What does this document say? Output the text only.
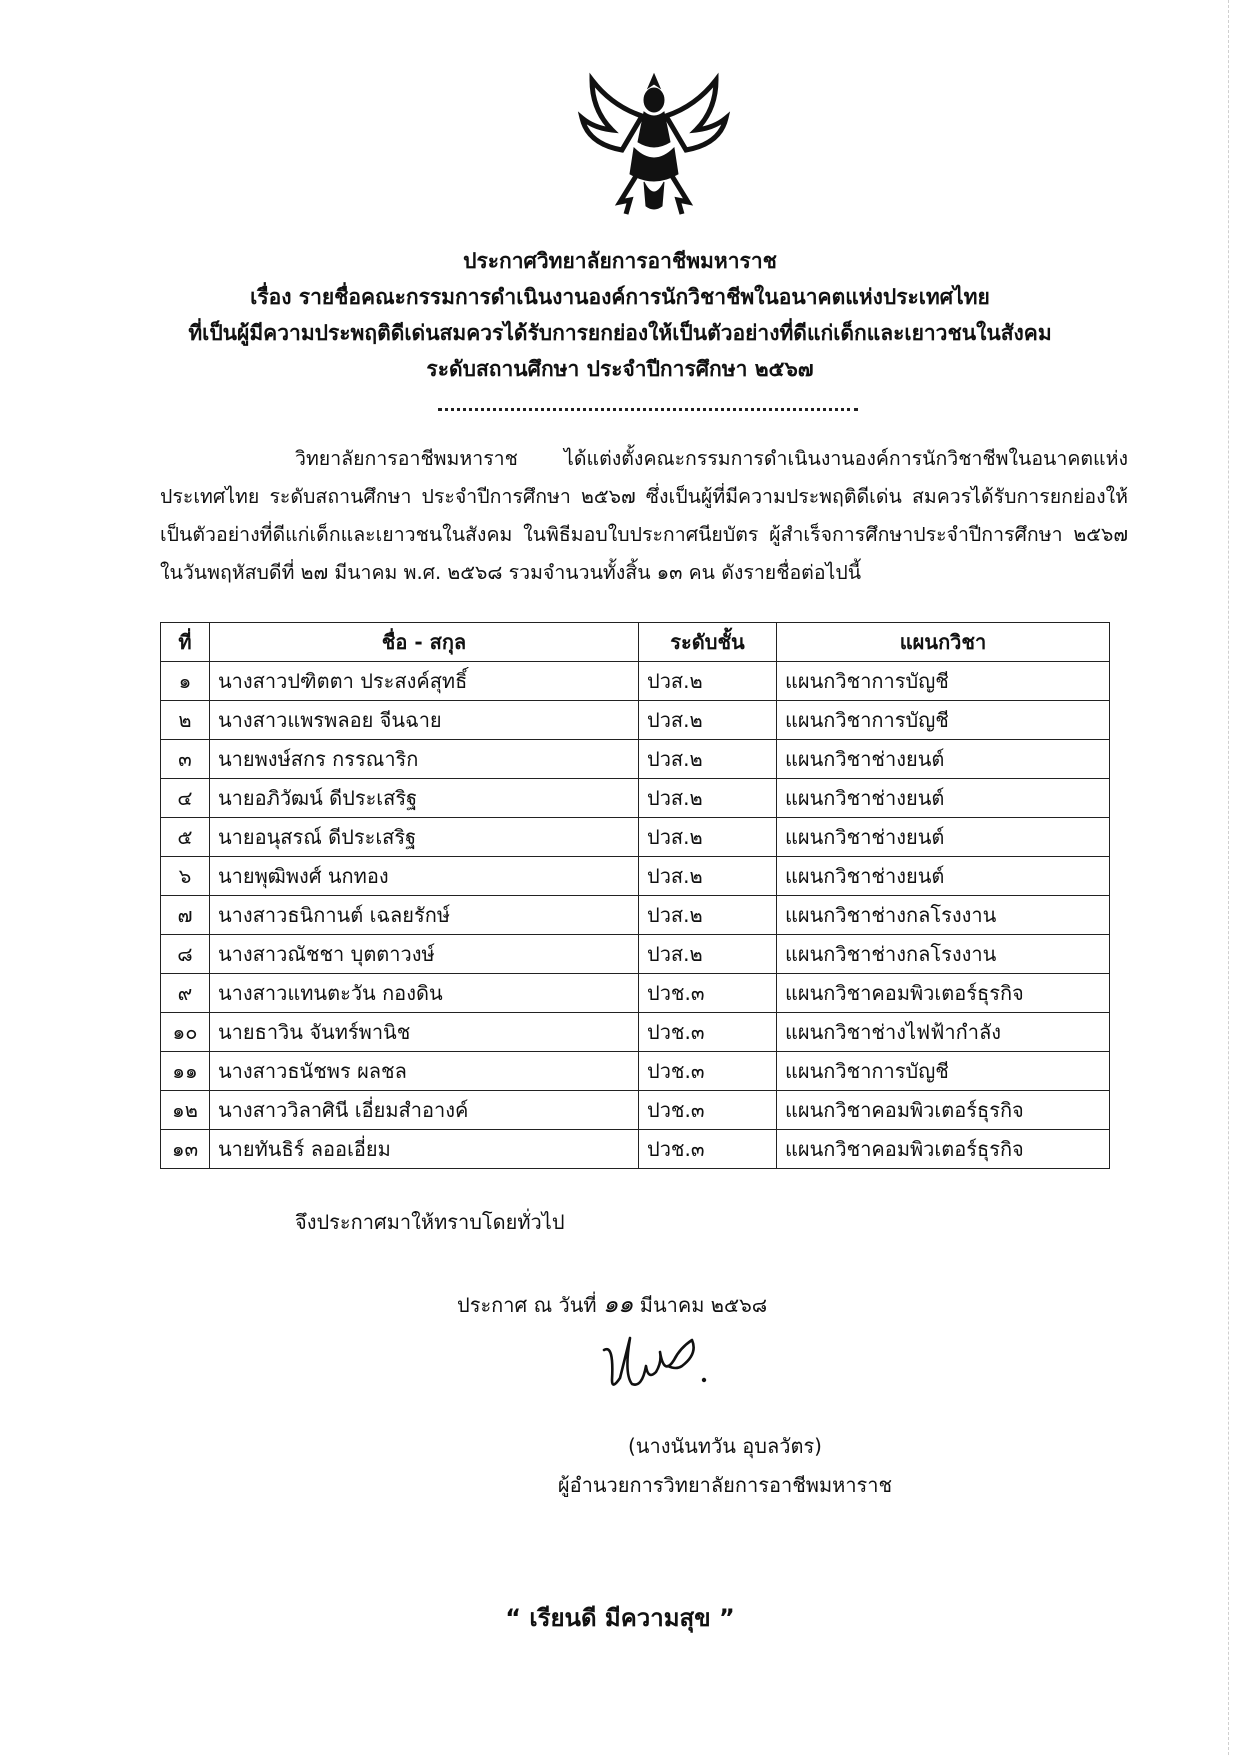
ประกาศวิทยาลัยการอาชีพมหาราช
เรื่อง รายชื่อคณะกรรมการดำเนินงานองค์การนักวิชาชีพในอนาคตแห่งประเทศไทย
ที่เป็นผู้มีความประพฤติดีเด่นสมควรได้รับการยกย่องให้เป็นตัวอย่างที่ดีแก่เด็กและเยาวชนในสังคม
ระดับสถานศึกษา ประจำปีการศึกษา ๒๕๖๗
วิทยาลัยการอาชีพมหาราช ได้แต่งตั้งคณะกรรมการดำเนินงานองค์การนักวิชาชีพในอนาคตแห่งประเทศไทย ระดับสถานศึกษา ประจำปีการศึกษา ๒๕๖๗ ซึ่งเป็นผู้ที่มีความประพฤติดีเด่น สมควรได้รับการยกย่องให้เป็นตัวอย่างที่ดีแก่เด็กและเยาวชนในสังคม ในพิธีมอบใบประกาศนียบัตร ผู้สำเร็จการศึกษาประจำปีการศึกษา ๒๕๖๗ ในวันพฤหัสบดีที่ ๒๗ มีนาคม พ.ศ. ๒๕๖๘ รวมจำนวนทั้งสิ้น ๑๓ คน ดังรายชื่อต่อไปนี้
ที่	ชื่อ - สกุล	ระดับชั้น	แผนกวิชา
๑	นางสาวปฑิตตา ประสงค์สุทธิ์	ปวส.๒	แผนกวิชาการบัญชี
๒	นางสาวแพรพลอย จีนฉาย	ปวส.๒	แผนกวิชาการบัญชี
๓	นายพงษ์สกร กรรณาริก	ปวส.๒	แผนกวิชาช่างยนต์
๔	นายอภิวัฒน์ ดีประเสริฐ	ปวส.๒	แผนกวิชาช่างยนต์
๕	นายอนุสรณ์ ดีประเสริฐ	ปวส.๒	แผนกวิชาช่างยนต์
๖	นายพุฒิพงศ์ นกทอง	ปวส.๒	แผนกวิชาช่างยนต์
๗	นางสาวธนิกานต์ เฉลยรักษ์	ปวส.๒	แผนกวิชาช่างกลโรงงาน
๘	นางสาวณัชชา บุตตาวงษ์	ปวส.๒	แผนกวิชาช่างกลโรงงาน
๙	นางสาวแทนตะวัน กองดิน	ปวช.๓	แผนกวิชาคอมพิวเตอร์ธุรกิจ
๑๐	นายธาวิน จันทร์พานิช	ปวช.๓	แผนกวิชาช่างไฟฟ้ากำลัง
๑๑	นางสาวธนัชพร ผลชล	ปวช.๓	แผนกวิชาการบัญชี
๑๒	นางสาววิลาศินี เอี่ยมสำอางค์	ปวช.๓	แผนกวิชาคอมพิวเตอร์ธุรกิจ
๑๓	นายทันธิร์ ลออเอี่ยม	ปวช.๓	แผนกวิชาคอมพิวเตอร์ธุรกิจ
จึงประกาศมาให้ทราบโดยทั่วไป
ประกาศ ณ วันที่ ๑๑ มีนาคม ๒๕๖๘
(นางนันทวัน อุบลวัตร)
ผู้อำนวยการวิทยาลัยการอาชีพมหาราช
“ เรียนดี มีความสุข ”
